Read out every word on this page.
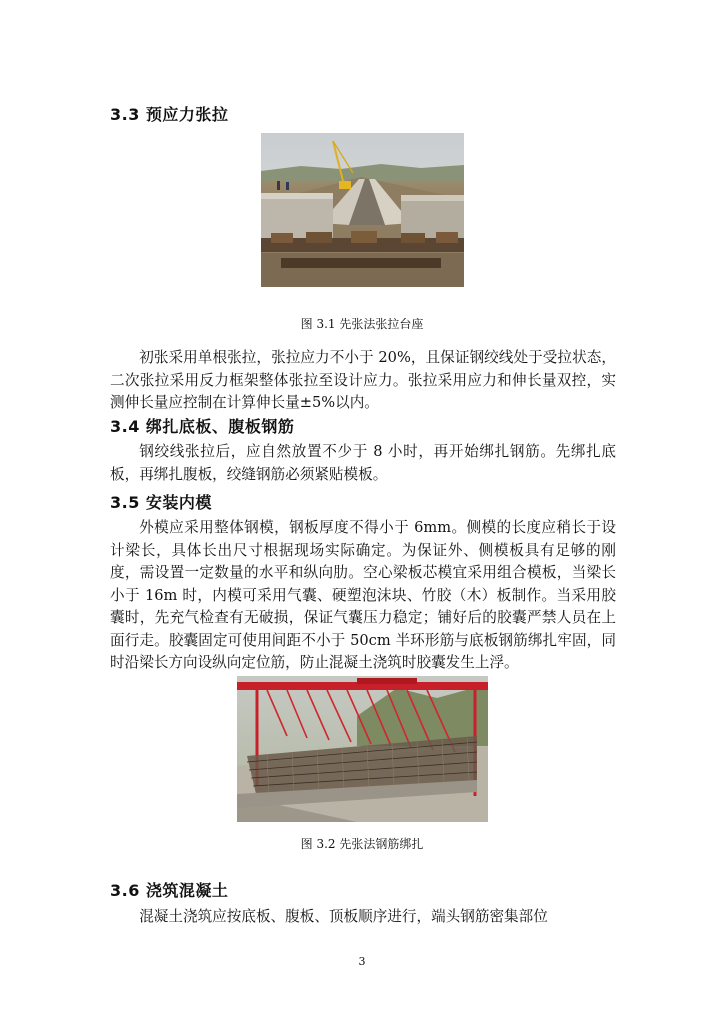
3.3 预应力张拉

图 3.1 先张法张拉台座

初张采用单根张拉，张拉应力不小于 20%，且保证钢绞线处于受拉状态，二次张拉采用反力框架整体张拉至设计应力。张拉采用应力和伸长量双控，实测伸长量应控制在计算伸长量±5%以内。

3.4 绑扎底板、腹板钢筋

钢绞线张拉后，应自然放置不少于 8 小时，再开始绑扎钢筋。先绑扎底板，再绑扎腹板，绞缝钢筋必须紧贴模板。

3.5 安装内模

外模应采用整体钢模，钢板厚度不得小于 6mm。侧模的长度应稍长于设计梁长，具体长出尺寸根据现场实际确定。为保证外、侧模板具有足够的刚度，需设置一定数量的水平和纵向肋。空心梁板芯模宜采用组合模板，当梁长小于 16m 时，内模可采用气囊、硬塑泡沫块、竹胶（木）板制作。当采用胶囊时，先充气检查有无破损，保证气囊压力稳定；铺好后的胶囊严禁人员在上面行走。胶囊固定可使用间距不小于 50cm 半环形筋与底板钢筋绑扎牢固，同时沿梁长方向设纵向定位筋，防止混凝土浇筑时胶囊发生上浮。

图 3.2 先张法钢筋绑扎

3.6 浇筑混凝土

混凝土浇筑应按底板、腹板、顶板顺序进行，端头钢筋密集部位

3
